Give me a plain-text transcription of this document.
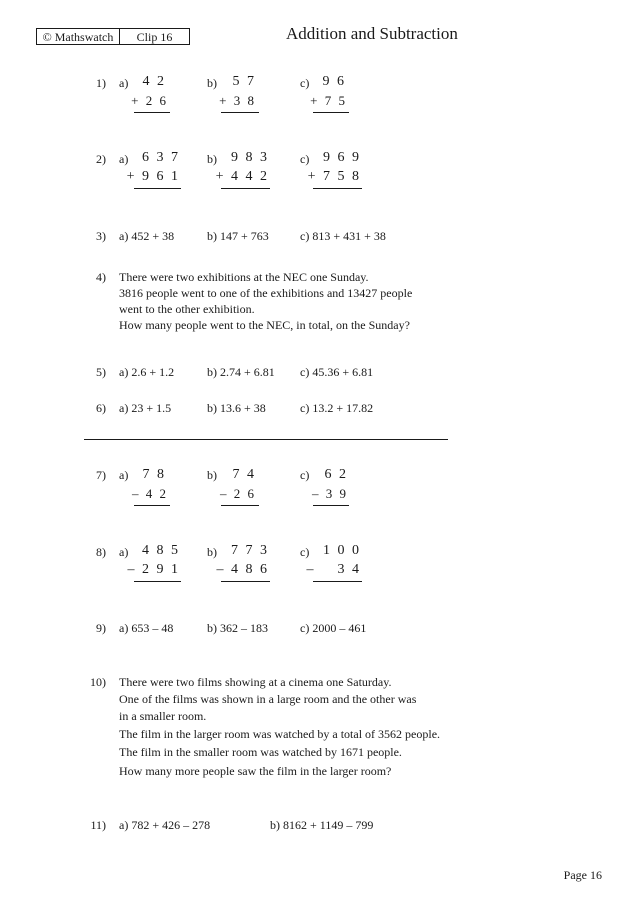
© Mathswatch	Clip 16	Addition and Subtraction
1) a)	4 2
+ 2 6
b)	5 7
+ 3 8
c) 9 6
+ 7 5
2) a) 6 3 7
+ 9 6 1
b)	9 8 3
+ 4 4 2
c) 9 6 9
+ 7 5 8
3) a) 452 + 38	b) 147 + 763	c) 813 + 431 + 38
4) There were two exhibitions at the NEC one Sunday.
3816 people went to one of the exhibitions and 13427 people
went to the other exhibition.
How many people went to the NEC, in total, on the Sunday?
5) a) 2.6 + 1.2	b) 2.74 + 6.81 c) 45.36 + 6.81
6) a) 23 + 1.5	b) 13.6 + 38	c) 13.2 + 17.82
7) a)	7 8
– 4 2
b)	7 4
– 2 6
c)	6 2
– 3 9
8) a) 4 8 5
– 2 9 1
b)	7 7 3
– 4 8 6
c) 1 0 0
–    3 4
9) a) 653 – 48	b) 362 – 183	c) 2000 – 461
10) There were two films showing at a cinema one Saturday.
One of the films was shown in a large room and the other was
in a smaller room.
The film in the larger room was watched by a total of 3562 people.
The film in the smaller room was watched by 1671 people.
How many more people saw the film in the larger room?
11) a) 782 + 426 – 278	b) 8162 + 1149 – 799
Page 16
